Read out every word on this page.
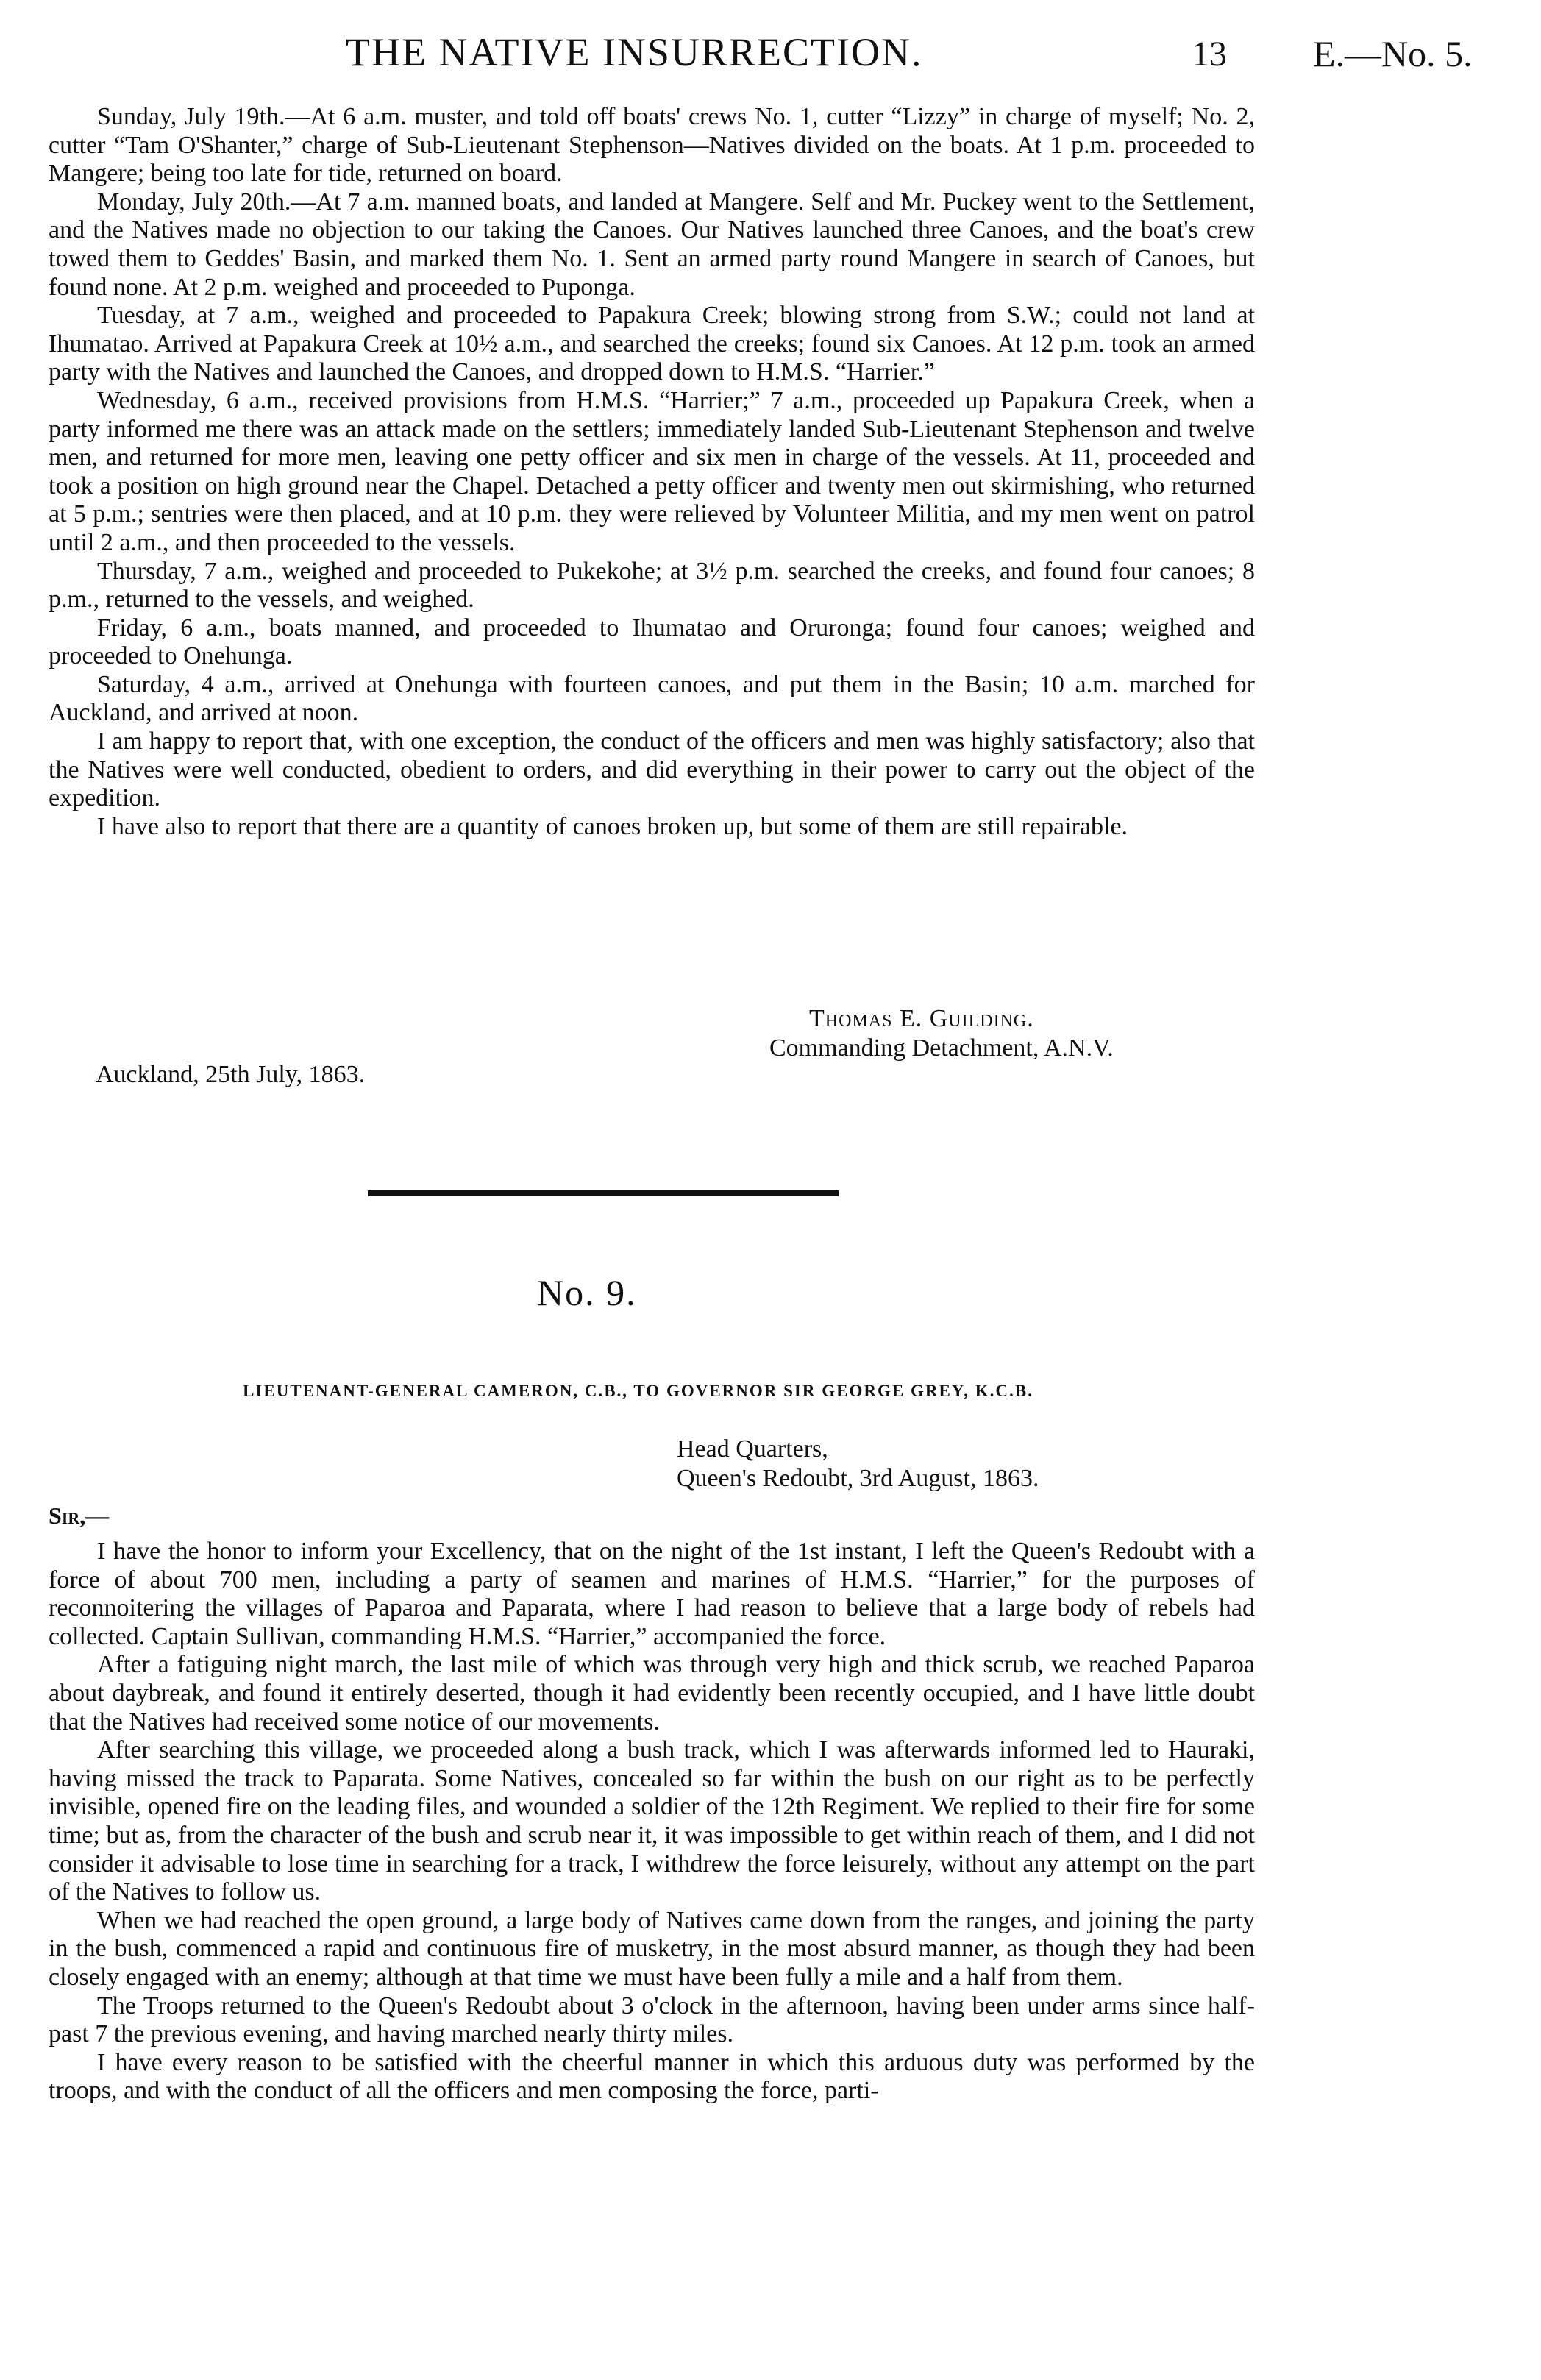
THE NATIVE INSURRECTION.	13 E.—No. 5.

Sunday, July 19th.—At 6 a.m. muster, and told off boats' crews No. 1, cutter “Lizzy” in charge of myself; No. 2, cutter “Tam O'Shanter,” charge of Sub-Lieutenant Stephenson—Natives divided on the boats. At 1 p.m. proceeded to Mangere; being too late for tide, returned on board.

Monday, July 20th.—At 7 a.m. manned boats, and landed at Mangere. Self and Mr. Puckey went to the Settlement, and the Natives made no objection to our taking the Canoes. Our Natives launched three Canoes, and the boat's crew towed them to Geddes' Basin, and marked them No. 1. Sent an armed party round Mangere in search of Canoes, but found none. At 2 p.m. weighed and proceeded to Puponga.

Tuesday, at 7 a.m., weighed and proceeded to Papakura Creek; blowing strong from S.W.; could not land at Ihumatao. Arrived at Papakura Creek at 10½ a.m., and searched the creeks; found six Canoes. At 12 p.m. took an armed party with the Natives and launched the Canoes, and dropped down to H.M.S. “Harrier.”

Wednesday, 6 a.m., received provisions from H.M.S. “Harrier;” 7 a.m., proceeded up Papakura Creek, when a party informed me there was an attack made on the settlers; immediately landed Sub-Lieutenant Stephenson and twelve men, and returned for more men, leaving one petty officer and six men in charge of the vessels. At 11, proceeded and took a position on high ground near the Chapel. Detached a petty officer and twenty men out skirmishing, who returned at 5 p.m.; sentries were then placed, and at 10 p.m. they were relieved by Volunteer Militia, and my men went on patrol until 2 a.m., and then proceeded to the vessels.

Thursday, 7 a.m., weighed and proceeded to Pukekohe; at 3½ p.m. searched the creeks, and found four canoes; 8 p.m., returned to the vessels, and weighed.

Friday, 6 a.m., boats manned, and proceeded to Ihumatao and Oruronga; found four canoes; weighed and proceeded to Onehunga.

Saturday, 4 a.m., arrived at Onehunga with fourteen canoes, and put them in the Basin; 10 a.m. marched for Auckland, and arrived at noon.

I am happy to report that, with one exception, the conduct of the officers and men was highly satisfactory; also that the Natives were well conducted, obedient to orders, and did everything in their power to carry out the object of the expedition.

I have also to report that there are a quantity of canoes broken up, but some of them are still repairable.

Thomas E. Guilding.
Commanding Detachment, A.N.V.
Auckland, 25th July, 1863.
No. 9.
LIEUTENANT-GENERAL CAMERON, C.B., TO GOVERNOR SIR GEORGE GREY, K.C.B.
Head Quarters,
Queen's Redoubt, 3rd August, 1863.
Sir,—

I have the honor to inform your Excellency, that on the night of the 1st instant, I left the Queen's Redoubt with a force of about 700 men, including a party of seamen and marines of H.M.S. “Harrier,” for the purposes of reconnoitering the villages of Paparoa and Paparata, where I had reason to believe that a large body of rebels had collected. Captain Sullivan, commanding H.M.S. “Harrier,” accompanied the force.

After a fatiguing night march, the last mile of which was through very high and thick scrub, we reached Paparoa about daybreak, and found it entirely deserted, though it had evidently been recently occupied, and I have little doubt that the Natives had received some notice of our movements.

After searching this village, we proceeded along a bush track, which I was afterwards informed led to Hauraki, having missed the track to Paparata. Some Natives, concealed so far within the bush on our right as to be perfectly invisible, opened fire on the leading files, and wounded a soldier of the 12th Regiment. We replied to their fire for some time; but as, from the character of the bush and scrub near it, it was impossible to get within reach of them, and I did not consider it advisable to lose time in searching for a track, I withdrew the force leisurely, without any attempt on the part of the Natives to follow us.

When we had reached the open ground, a large body of Natives came down from the ranges, and joining the party in the bush, commenced a rapid and continuous fire of musketry, in the most absurd manner, as though they had been closely engaged with an enemy; although at that time we must have been fully a mile and a half from them.

The Troops returned to the Queen's Redoubt about 3 o'clock in the afternoon, having been under arms since half-past 7 the previous evening, and having marched nearly thirty miles.

I have every reason to be satisfied with the cheerful manner in which this arduous duty was performed by the troops, and with the conduct of all the officers and men composing the force, parti-
